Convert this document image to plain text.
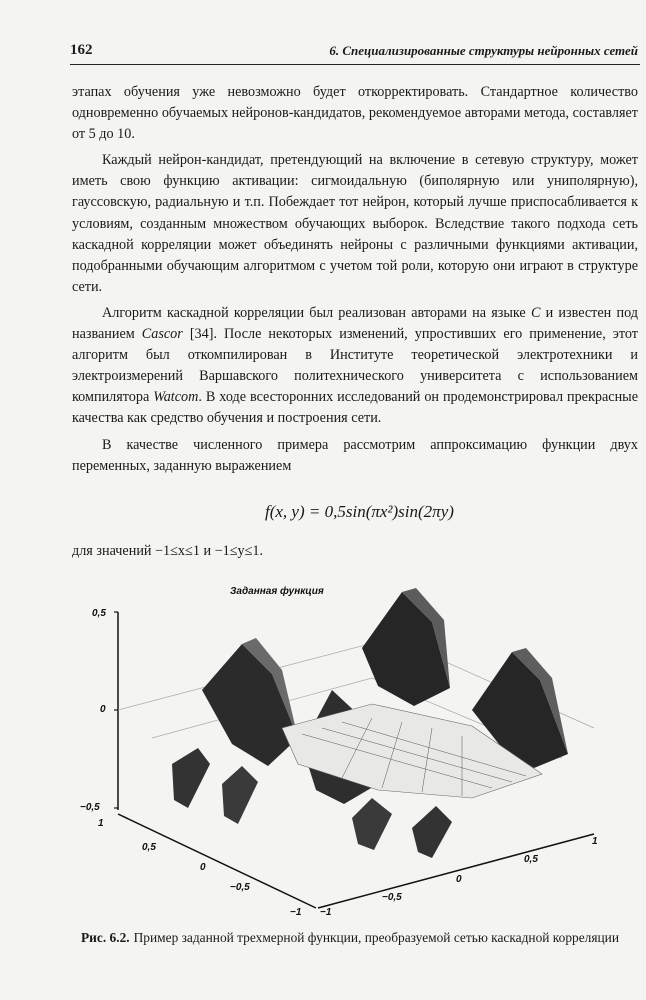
162	6. Специализированные структуры нейронных сетей

этапах обучения уже невозможно будет откорректировать. Стандартное количество одновременно обучаемых нейронов-кандидатов, рекомендуемое авторами метода, составляет от 5 до 10.

Каждый нейрон-кандидат, претендующий на включение в сетевую структуру, может иметь свою функцию активации: сигмоидальную (биполярную или униполярную), гауссовскую, радиальную и т.п. Побеждает тот нейрон, который лучше приспосабливается к условиям, созданным множеством обучающих выборок. Вследствие такого подхода сеть каскадной корреляции может объединять нейроны с различными функциями активации, подобранными обучающим алгоритмом с учетом той роли, которую они играют в структуре сети.

Алгоритм каскадной корреляции был реализован авторами на языке C и известен под названием Cascor [34]. После некоторых изменений, упростивших его применение, этот алгоритм был откомпилирован в Институте теоретической электротехники и электроизмерений Варшавского политехнического университета с использованием компилятора Watcom. В ходе всесторонних исследований он продемонстрировал прекрасные качества как средство обучения и построения сети.

В качестве численного примера рассмотрим аппроксимацию функции двух переменных, заданную выражением

f(x, y) = 0,5sin(πx²)sin(2πy)
для значений −1≤x≤1 и −1≤y≤1.
Заданная функция
0,5
0
−0,5
1
0,5
0
−0,5
−1 −1
−0,5
0
0,5
1
Рис. 6.2. Пример заданной трехмерной функции, преобразуемой сетью каскадной корреляции
